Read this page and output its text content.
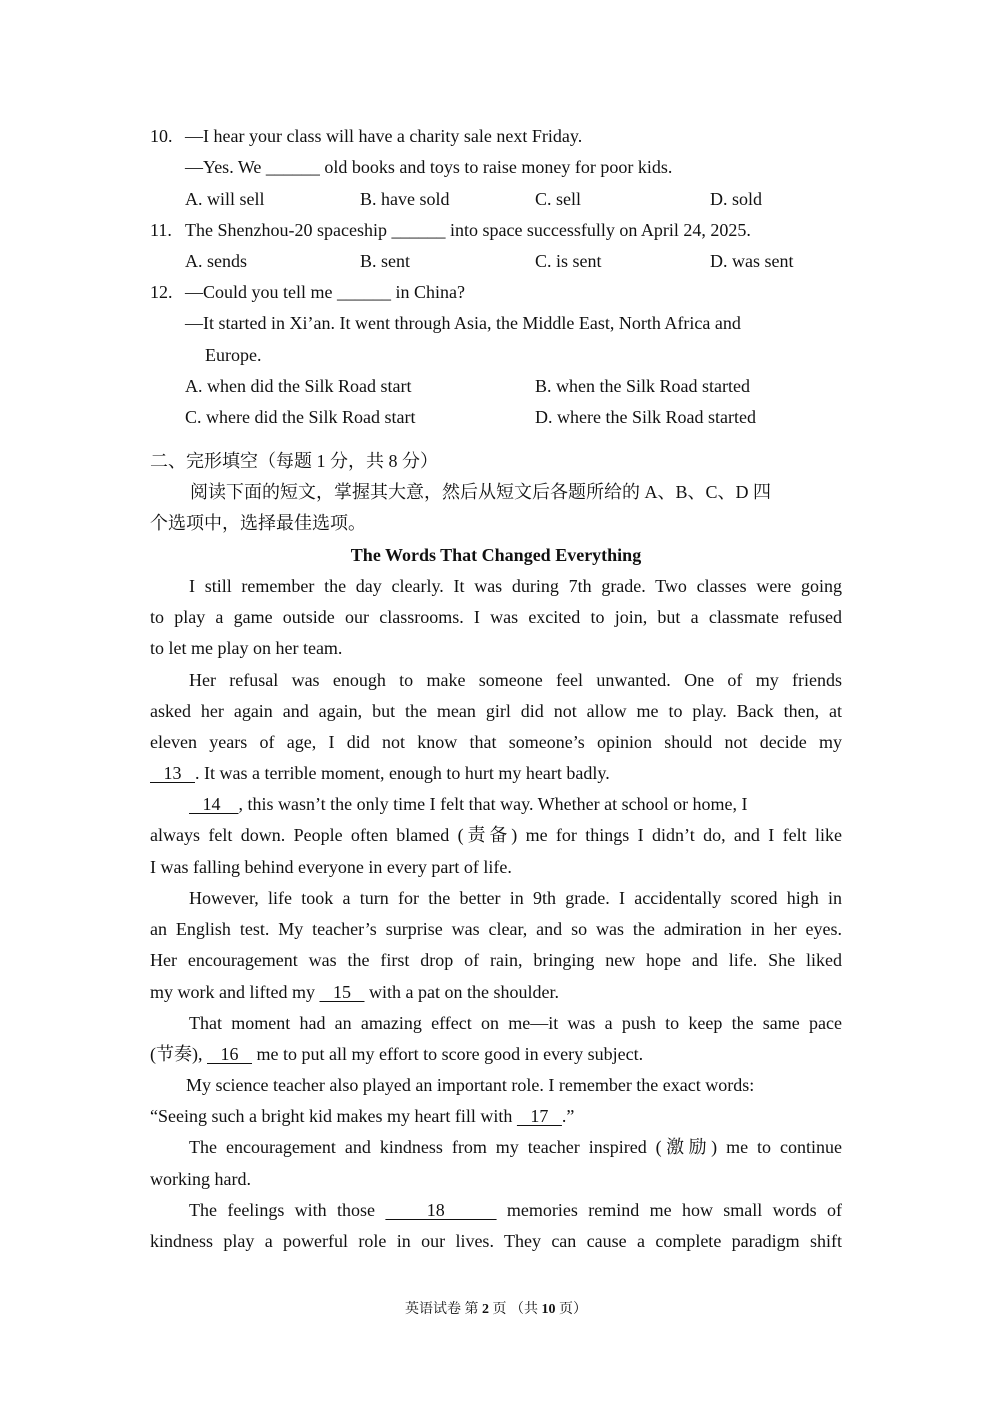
10. —I hear your class will have a charity sale next Friday.
—Yes. We ______ old books and toys to raise money for poor kids.
A. will sell	B. have sold	C. sell	D. sold
11. The Shenzhou-20 spaceship ______ into space successfully on April 24, 2025.
A. sends	B. sent	C. is sent	D. was sent
12. —Could you tell me ______ in China?
—It started in Xi’an. It went through Asia, the Middle East, North Africa and
Europe.
A. when did the Silk Road start	B. when the Silk Road started
C. where did the Silk Road start	D. where the Silk Road started
二、完形填空（每题 1 分，共 8 分）
阅读下面的短文，掌握其大意，然后从短文后各题所给的 A、B、C、D 四
个选项中，选择最佳选项。
The Words That Changed Everything
I still remember the day clearly. It was during 7th grade. Two classes were going
to play a game outside our classrooms. I was excited to join, but a classmate refused
to let me play on her team.
Her refusal was enough to make someone feel unwanted. One of my friends
asked her again and again, but the mean girl did not allow me to play. Back then, at
eleven years of age, I did not know that someone’s opinion should not decide my
13   . It was a terrible moment, enough to hurt my heart badly.
14    , this wasn’t the only time I felt that way. Whether at school or home, I
always felt down. People often blamed (责备) me for things I didn’t do, and I felt like
I was falling behind everyone in every part of life.
However, life took a turn for the better in 9th grade. I accidentally scored high in
an English test. My teacher’s surprise was clear, and so was the admiration in her eyes.
Her encouragement was the first drop of rain, bringing new hope and life. She liked
my work and lifted my    15    with a pat on the shoulder.
That moment had an amazing effect on me—it was a push to keep the same pace
(节奏),    16    me to put all my effort to score good in every subject.
My science teacher also played an important role. I remember the exact words:
“Seeing such a bright kid makes my heart fill with    17   .”
The encouragement and kindness from my teacher inspired (激励) me to continue
working hard.
The feelings with those     18      memories remind me how small words of
kindness play a powerful role in our lives. They can cause a complete paradigm shift
英语试卷 第 2 页 （共 10 页）
